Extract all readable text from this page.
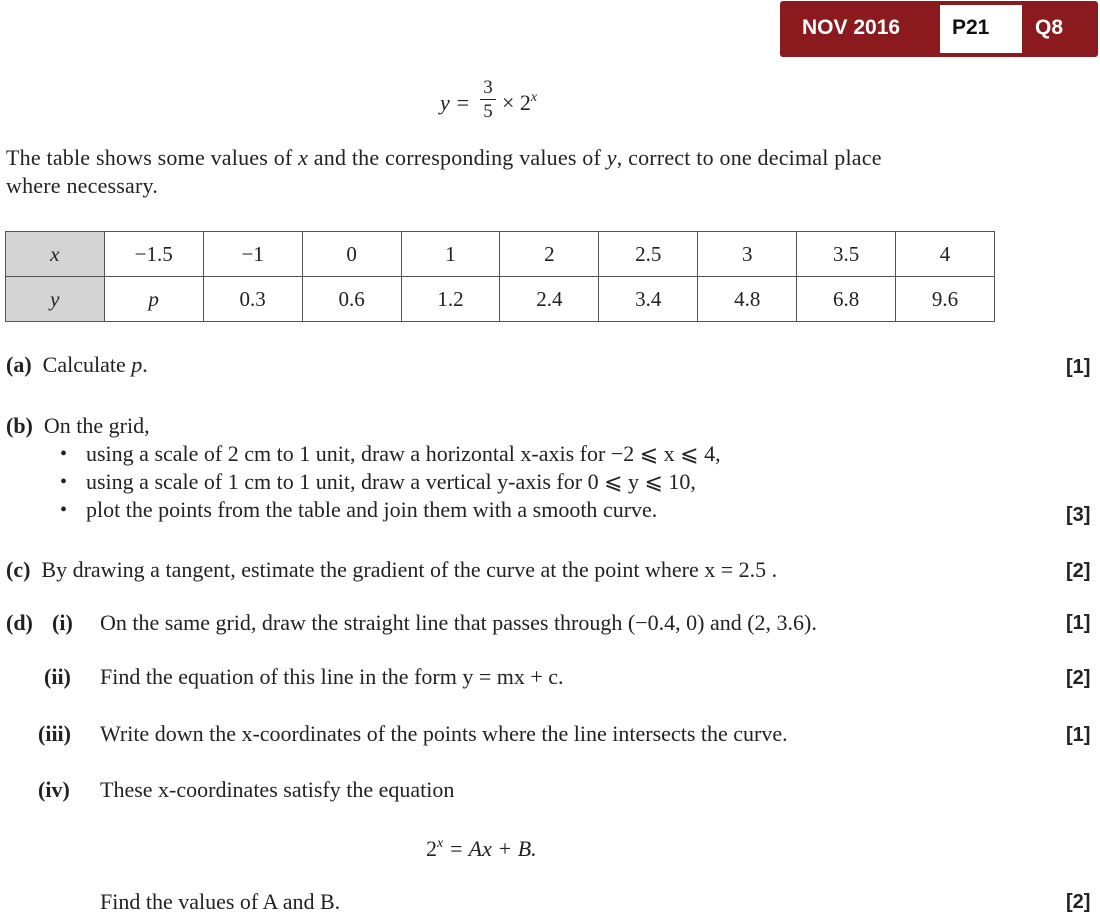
NOV 2016 P21 Q8
y =
3
$5 \times 2^x$
The table shows some values of x and the corresponding values of y, correct to one decimal place
where necessary.
x	−1.5	−1	0	1	2	2.5	3	3.5	4
y	p	0.3	0.6	1.2	2.4	3.4	4.8	6.8	9.6
(a) Calculate p.	[1]
(b) On the grid,
• using a scale of 2 cm to 1 unit, draw a horizontal x-axis for −2 ⩽ x ⩽ 4,
• using a scale of 1 cm to 1 unit, draw a vertical y-axis for 0 ⩽ y ⩽ 10,
• plot the points from the table and join them with a smooth curve.	[3]
(c) By drawing a tangent, estimate the gradient of the curve at the point where x = 2.5 .	[2]
(d) (i) On the same grid, draw the straight line that passes through (−0.4, 0) and (2, 3.6).	[1]
(ii) Find the equation of this line in the form y = mx + c.	[2]
(iii) Write down the x-coordinates of the points where the line intersects the curve.	[1]
(iv) These x-coordinates satisfy the equation
$2^x = Ax + B$.
Find the values of A and B.	[2]
